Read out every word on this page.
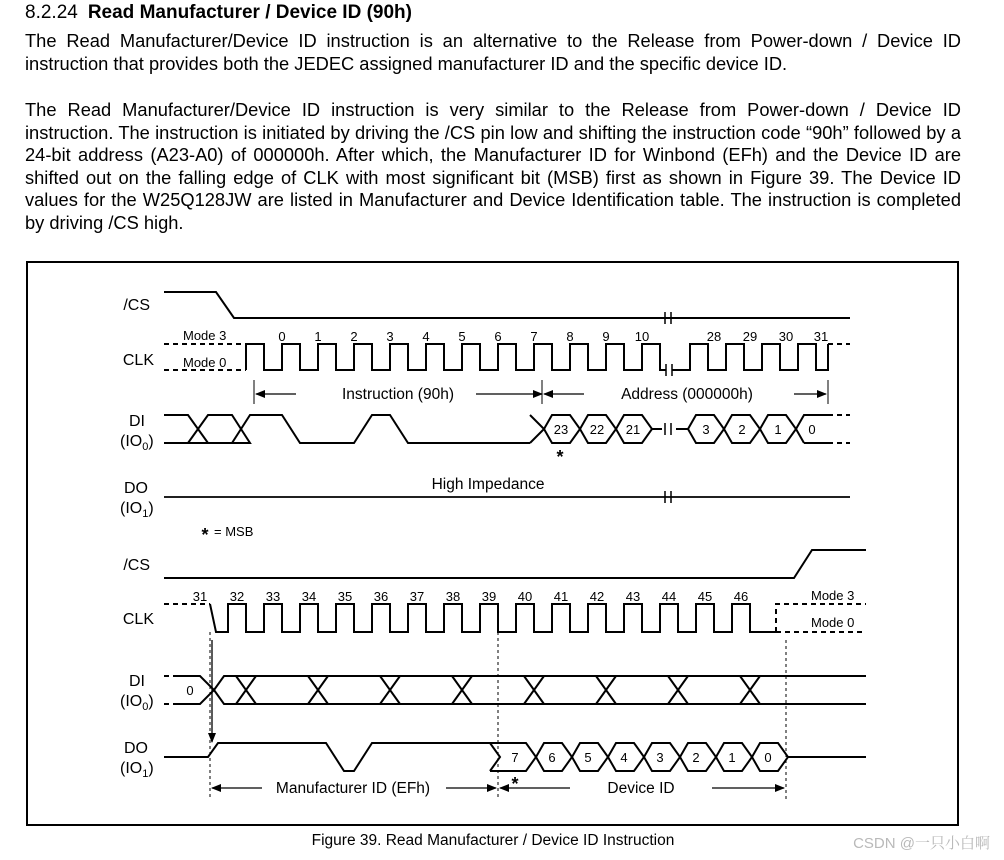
8.2.24 Read Manufacturer / Device ID (90h)

The Read Manufacturer/Device ID instruction is an alternative to the Release from Power-down / Device ID instruction that provides both the JEDEC assigned manufacturer ID and the specific device ID.

The Read Manufacturer/Device ID instruction is very similar to the Release from Power-down / Device ID instruction. The instruction is initiated by driving the /CS pin low and shifting the instruction code “90h” followed by a 24-bit address (A23-A0) of 000000h. After which, the Manufacturer ID for Winbond (EFh) and the Device ID are shifted out on the falling edge of CLK with most significant bit (MSB) first as shown in Figure 39. The Device ID values for the W25Q128JW are listed in Manufacturer and Device Identification table. The instruction is completed by driving /CS high.

/CS
CLK
DI
$(IO_0)$
DO
$(IO_1)$
/CS
CLK
DI
$(IO_0)$
DO
$(IO_1)$
0 1 2 3 4 5 6 7 8 9 10	28 29 30 31
31 32 33 34 35 36 37 38 39 40 41 42 43 44 45 46
23 22 21	3 2 1 0
0
7 6 5 4 3 2 1 0
Mode 3
Mode 0
Mode 3
Mode 0
Instruction (90h)	Address (000000h)
High Impedance
*
* = MSB
*
Manufacturer ID (EFh)	Device ID
Figure 39. Read Manufacturer / Device ID Instruction	CSDN @一只小白啊
